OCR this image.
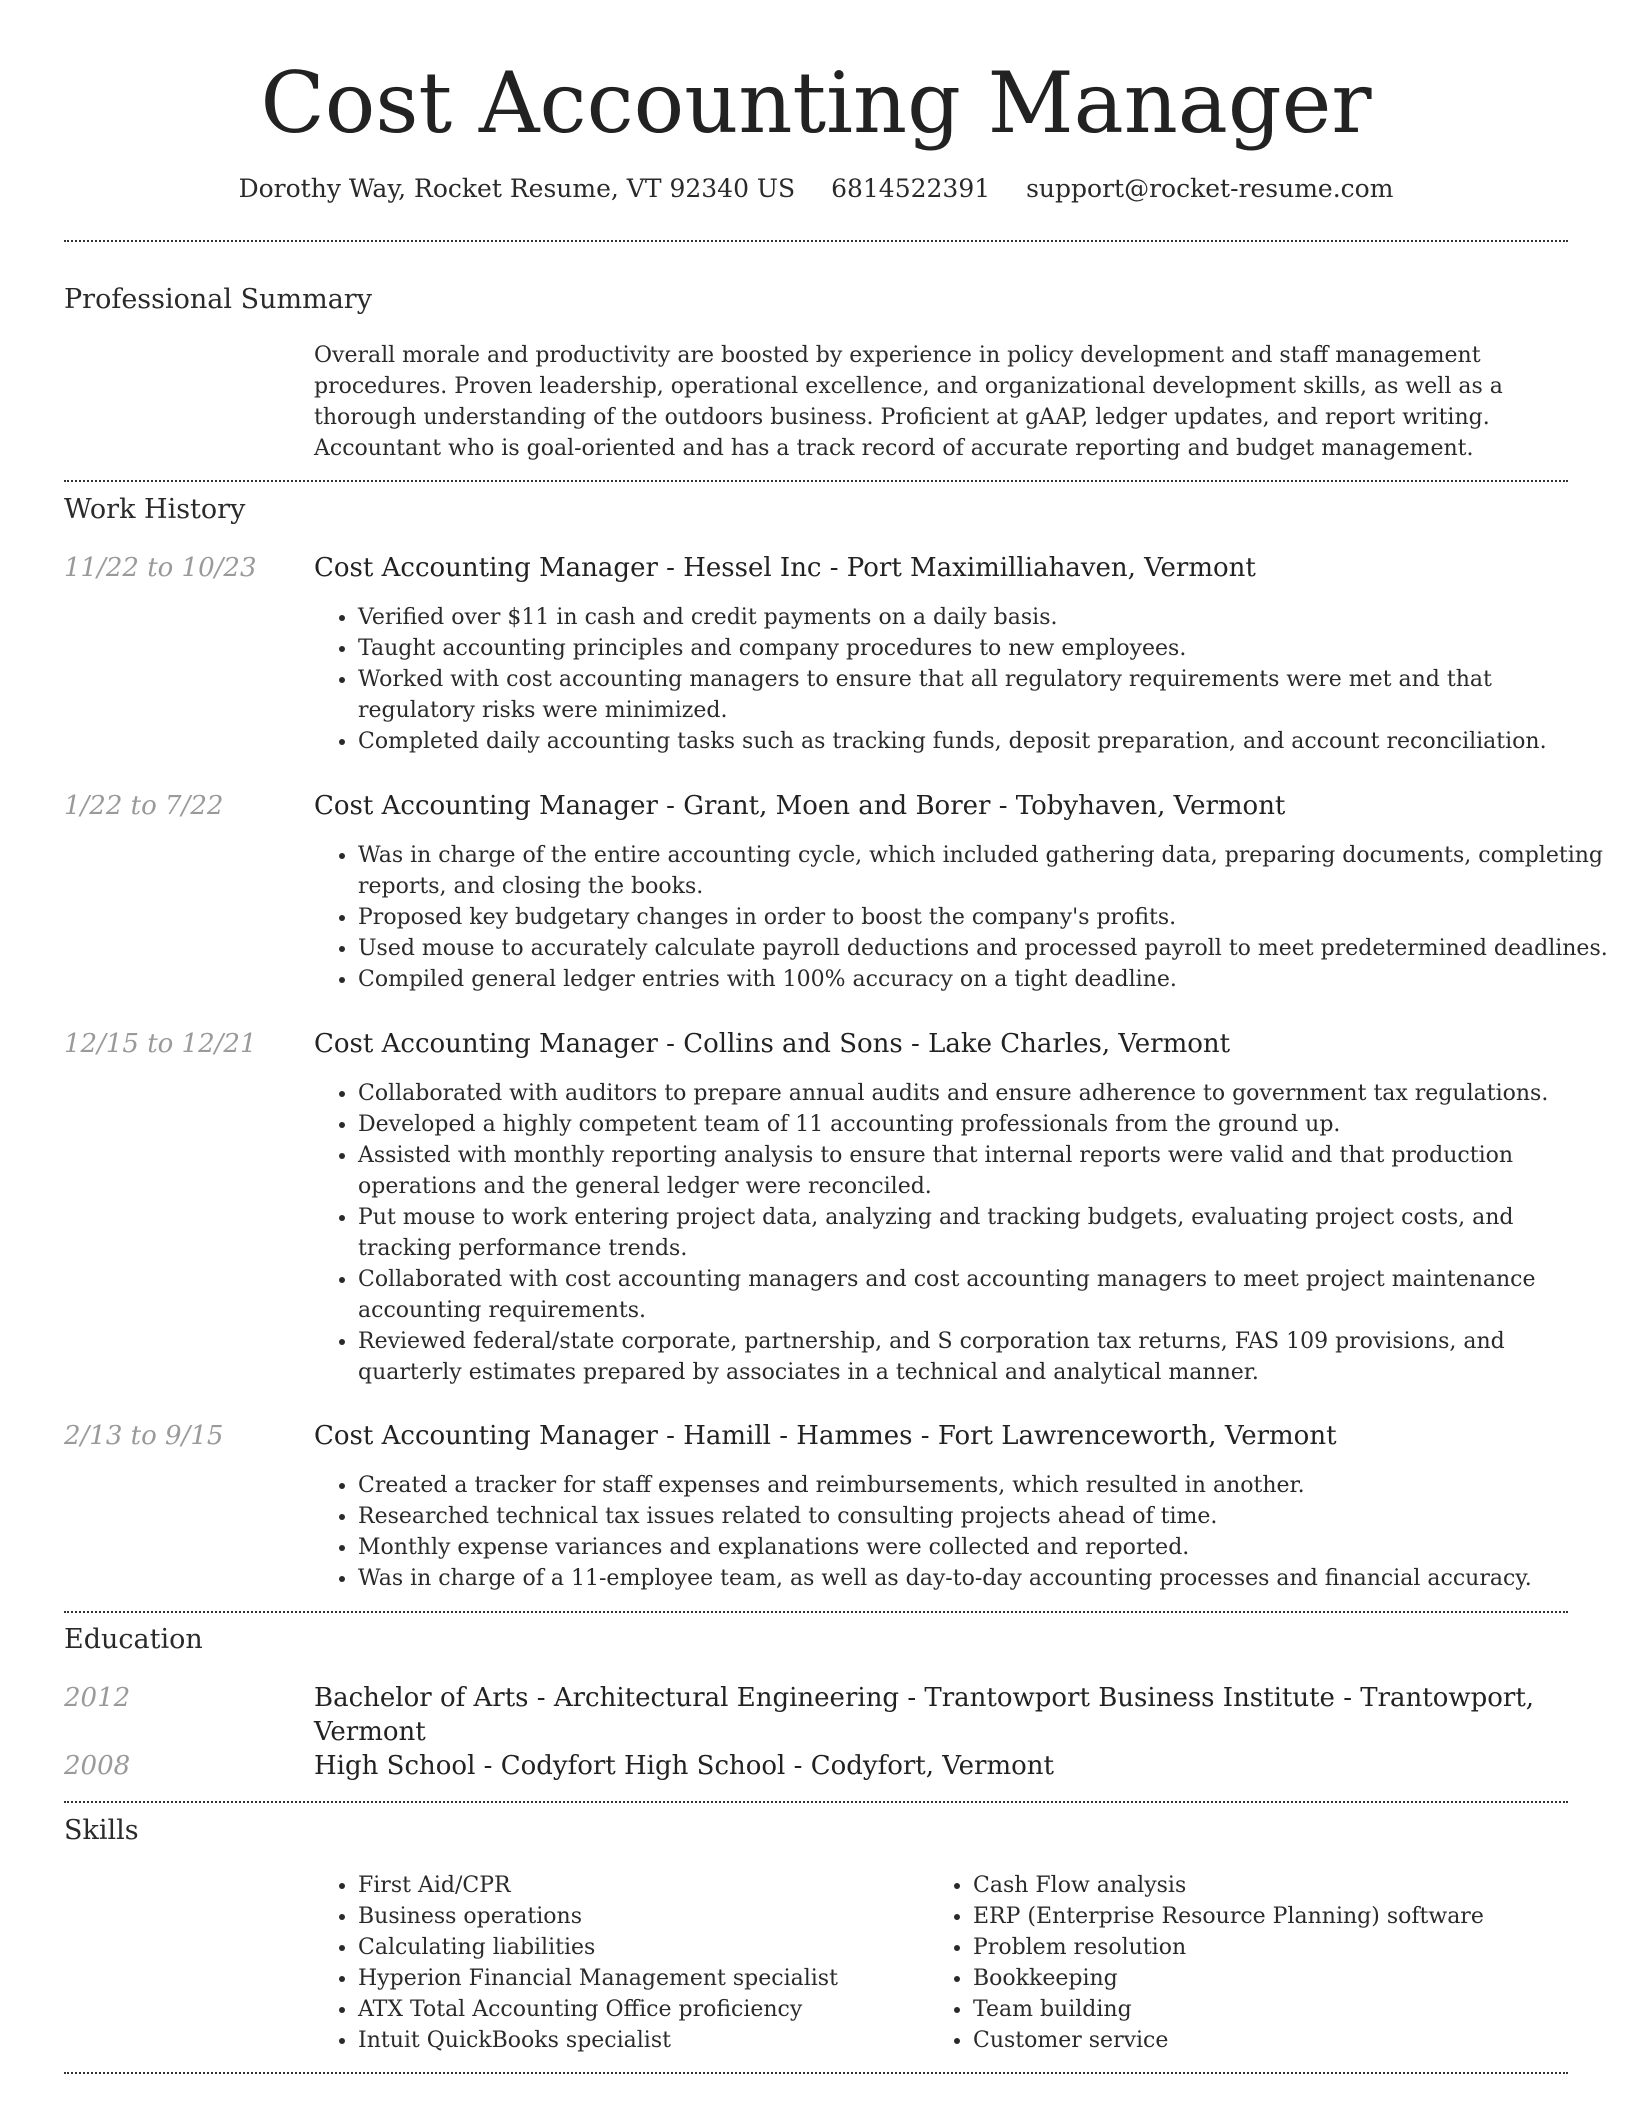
Cost Accounting Manager
Dorothy Way, Rocket Resume, VT 92340 US 6814522391 support@rocket-resume.com
Professional Summary
Overall morale and productivity are boosted by experience in policy development and staff management procedures. Proven leadership, operational excellence, and organizational development skills, as well as a thorough understanding of the outdoors business. Proficient at gAAP, ledger updates, and report writing. Accountant who is goal-oriented and has a track record of accurate reporting and budget management.
Work History
11/22 to 10/23 Cost Accounting Manager - Hessel Inc - Port Maximilliahaven, Vermont
• Verified over $11 in cash and credit payments on a daily basis.
• Taught accounting principles and company procedures to new employees.
• Worked with cost accounting managers to ensure that all regulatory requirements were met and that regulatory risks were minimized.
• Completed daily accounting tasks such as tracking funds, deposit preparation, and account reconciliation.
1/22 to 7/22	Cost Accounting Manager - Grant, Moen and Borer - Tobyhaven, Vermont
• Was in charge of the entire accounting cycle, which included gathering data, preparing documents, completing reports, and closing the books.
• Proposed key budgetary changes in order to boost the company's profits.
• Used mouse to accurately calculate payroll deductions and processed payroll to meet predetermined deadlines.
• Compiled general ledger entries with 100% accuracy on a tight deadline.
12/15 to 12/21 Cost Accounting Manager - Collins and Sons - Lake Charles, Vermont
• Collaborated with auditors to prepare annual audits and ensure adherence to government tax regulations.
• Developed a highly competent team of 11 accounting professionals from the ground up.
• Assisted with monthly reporting analysis to ensure that internal reports were valid and that production operations and the general ledger were reconciled.
• Put mouse to work entering project data, analyzing and tracking budgets, evaluating project costs, and tracking performance trends.
• Collaborated with cost accounting managers and cost accounting managers to meet project maintenance accounting requirements.
• Reviewed federal/state corporate, partnership, and S corporation tax returns, FAS 109 provisions, and quarterly estimates prepared by associates in a technical and analytical manner.
2/13 to 9/15	Cost Accounting Manager - Hamill - Hammes - Fort Lawrenceworth, Vermont
• Created a tracker for staff expenses and reimbursements, which resulted in another.
• Researched technical tax issues related to consulting projects ahead of time.
• Monthly expense variances and explanations were collected and reported.
• Was in charge of a 11-employee team, as well as day-to-day accounting processes and financial accuracy.
Education
2012	Bachelor of Arts - Architectural Engineering - Trantowport Business Institute - Trantowport, Vermont
2008	High School - Codyfort High School - Codyfort, Vermont
Skills
• First Aid/CPR
• Business operations
• Calculating liabilities
• Hyperion Financial Management specialist
• ATX Total Accounting Office proficiency
• Intuit QuickBooks specialist
• Cash Flow analysis
• ERP (Enterprise Resource Planning) software
• Problem resolution
• Bookkeeping
• Team building
• Customer service
